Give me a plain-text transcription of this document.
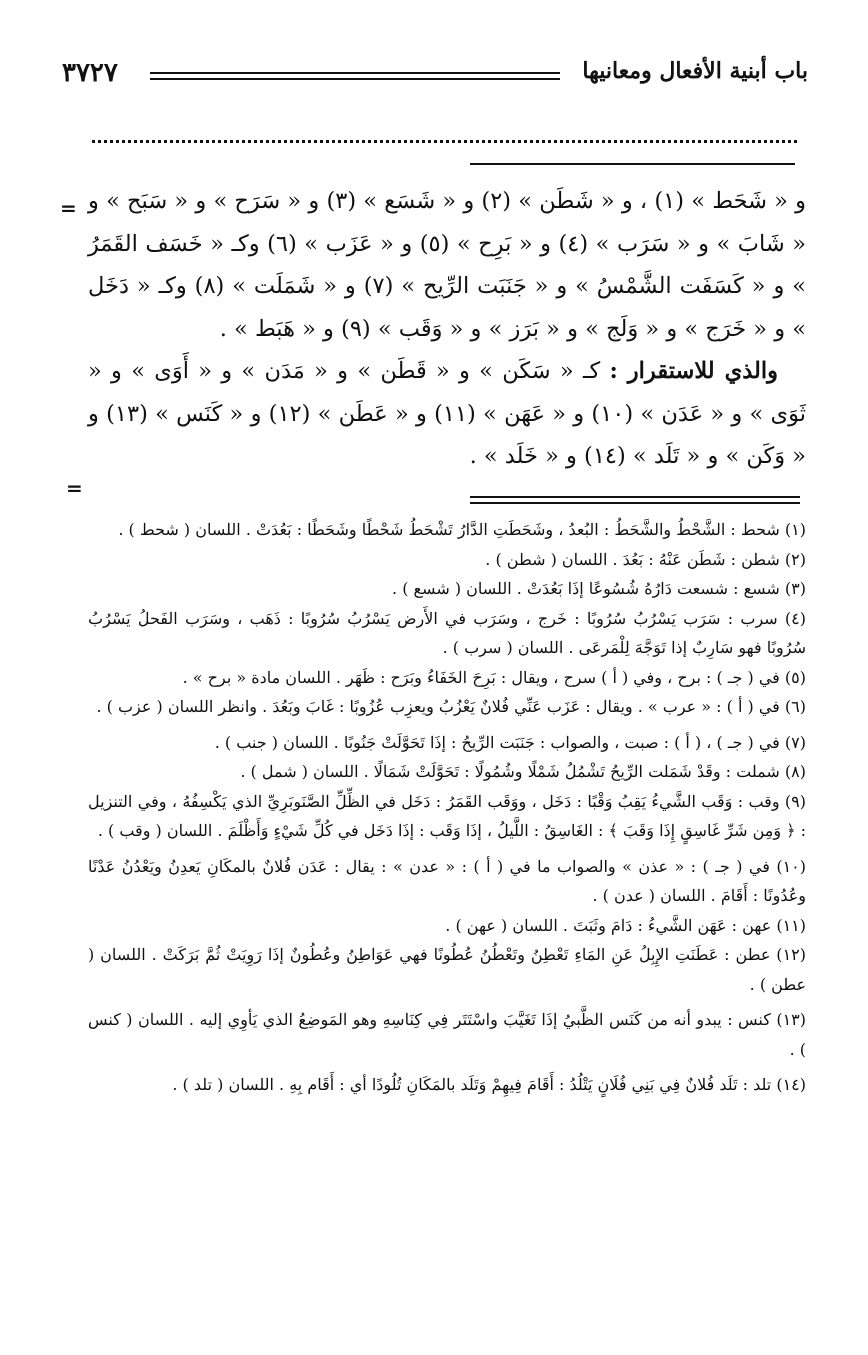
باب أبنية الأفعال ومعانيها
٣٧٢٧
= و « شَحَط » (١) ، و « شَطَن » (٢) و « شَسَع » (٣) و « سَرَح » و « سَبَح » و « شَابَ » و « سَرَب » (٤) و « بَرِح » (٥) و « عَزَب » (٦) وكـ « خَسَف القَمَرُ » و « كَسَفَت الشَّمْسُ » و « جَنَبَت الرِّيح » (٧) و « شَمَلَت » (٨) وكـ « دَخَل » و « خَرَج » و « وَلَج » و « بَرَز » و « وَقَب » (٩) و « هَبَط » .

والذي للاستقرار : كـ « سَكَن » و « قَطَن » و « مَدَن » و « أَوَى » و « ثَوَى » و « عَدَن » (١٠) و « عَهَن » (١١) و « عَطَن » (١٢) و « كَنَس » (١٣) و « وَكَن » و « تَلَد » (١٤) و « خَلَد » .

=

(١) شحط : الشَّحْطُ والشَّحَطُ : البُعدُ ، وشَحَطَتِ الدَّارُ تَشْحَطُ شَحْطًا وشَحَطًا : بَعُدَتْ . اللسان ( شحط ) .

(٢) شطن : شَطَن عَنْهُ : بَعُدَ . اللسان ( شطن ) .

(٣) شسع : شسعت دَارُهُ شُسُوعًا إذَا بَعُدَتْ . اللسان ( شسع ) .

(٤) سرب : سَرَب يَسْرُبُ سُرُوبًا : خَرج ، وسَرَب في الأَرض يَسْرُبُ سُرُوبًا : ذَهَب ، وسَرَب الفَحلُ يَسْرُبُ سُرُوبًا فهو سَارِبٌ إذا تَوَجَّهَ لِلْمَرعَى . اللسان ( سرب ) .

(٥) في ( جـ ) : برح ، وفي ( أ ) سرح ، ويقال : بَرِحَ الخَفَاءُ وبَرَح : ظَهَر . اللسان مادة « برح » .

(٦) في ( أ ) : « عرب » . ويقال : عَزَب عَنِّي فُلانٌ يَعْزُبُ ويعزِب عُزُوبًا : غَابَ وبَعُدَ . وانظر اللسان ( عزب ) .

(٧) في ( جـ ) ، ( أ ) : صبت ، والصواب : جَنَبَت الرِّيحُ : إذَا تَحَوَّلَتْ جَنُوبًا . اللسان ( جنب ) .

(٨) شملت : وقَدْ شَمَلت الرِّيحُ تَشْمُلُ شَمْلًا وشُمُولًا : تَحَوَّلَتْ شَمَالًا . اللسان ( شمل ) .

(٩) وقب : وَقَب الشَّيءُ يَقِبُ وَقْبًا : دَخَل ، ووَقَب القَمَرُ : دَخَل في الظِّلِّ الصَّنَوبَرِيِّ الذي يَكْسِفُهُ ، وفي التنزيل : ﴿ وَمِن شَرِّ غَاسِقٍ إِذَا وَقَبَ ﴾ : الغَاسِقُ : اللَّيلُ ، إذَا وَقَب : إذَا دَخَل في كُلِّ شَيْءٍ وَأَظْلَمَ . اللسان ( وقب ) .

(١٠) في ( جـ ) : « عذن » والصواب ما في ( أ ) : « عدن » : يقال : عَدَن فُلانٌ بالمكَانِ يَعدِنُ ويَعْدُنُ عَدْنًا وعُدُونًا : أَقَامَ . اللسان ( عدن ) .

(١١) عهن : عَهَن الشَّيءُ : دَامَ وثَبَتَ . اللسان ( عهن ) .

(١٢) عطن : عَطَنَتِ الإِبِلُ عَنِ المَاءِ تَعْطِنُ وتَعْطُنُ عُطُونًا فهي عَوَاطِنُ وعُطُونٌ إذَا رَوِيَتْ ثُمَّ بَرَكَتْ . اللسان ( عطن ) .

(١٣) كنس : يبدو أنه من كَنَس الظَّبيُ إذَا تَغَيَّبَ واسْتَتَر فِي كِنَاسِهِ وهو المَوضِعُ الذي يَأوِي إليه . اللسان ( كنس ) .

(١٤) تلد : تَلَد فُلانٌ فِي بَنِي فُلَانٍ يَتْلُدُ : أَقَامَ فِيهِمْ وَتَلَد بالمَكَانِ تُلُودًا أي : أَقَام بِهِ . اللسان ( تلد ) .
